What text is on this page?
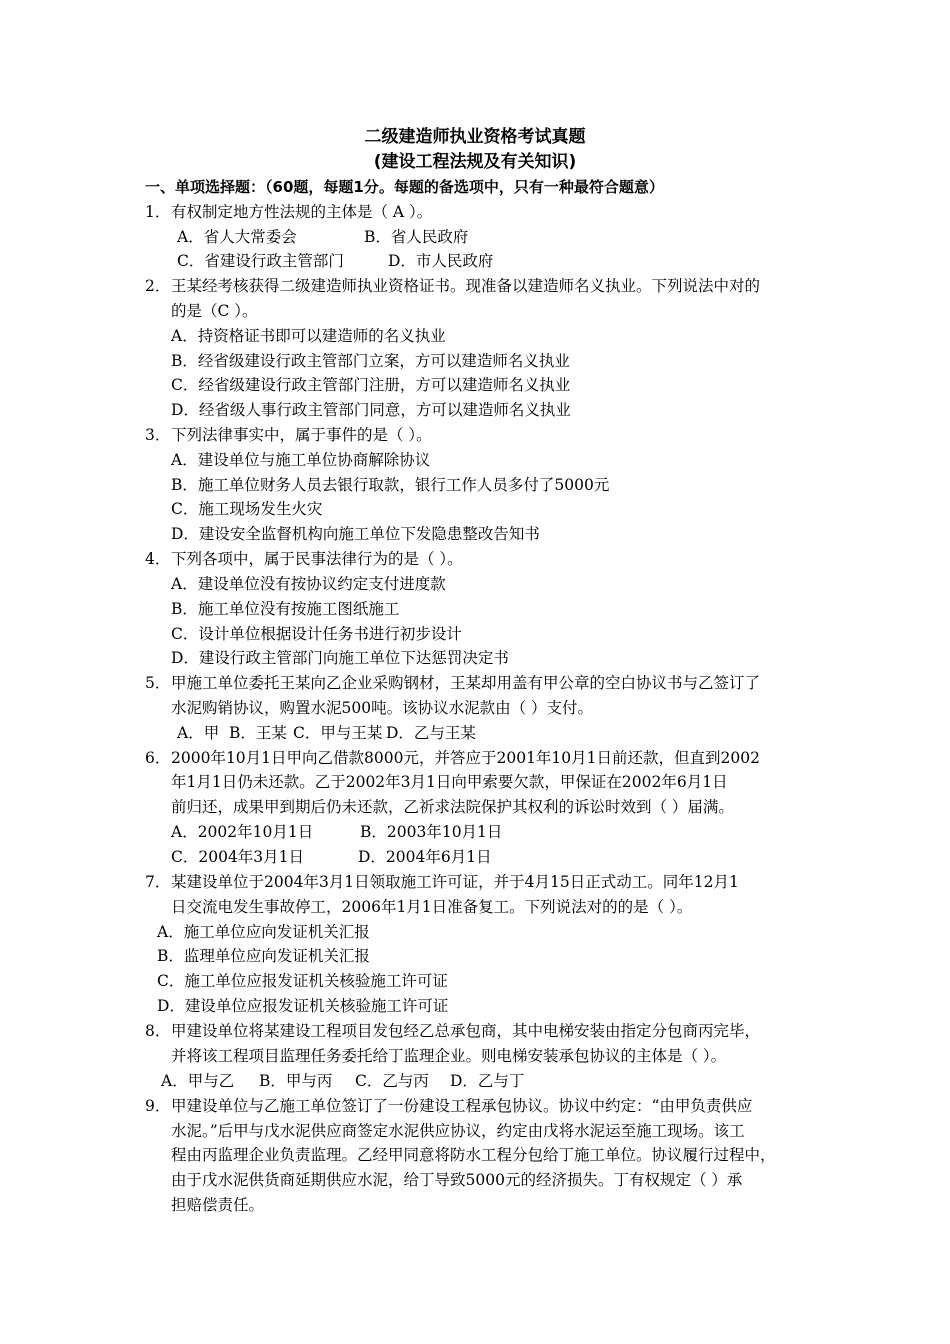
二级建造师执业资格考试真题
(建设工程法规及有关知识)
一、单项选择题：（60题，每题1分。每题的备选项中，只有一种最符合题意）
1．有权制定地方性法规的主体是（ A ）。
A．省人大常委会	B．省人民政府
C．省建设行政主管部门	D．市人民政府
2．王某经考核获得二级建造师执业资格证书。现准备以建造师名义执业。下列说法中对的
的是（C ）。
A．持资格证书即可以建造师的名义执业
B．经省级建设行政主管部门立案，方可以建造师名义执业
C．经省级建设行政主管部门注册，方可以建造师名义执业
D．经省级人事行政主管部门同意，方可以建造师名义执业
3．下列法律事实中，属于事件的是（ ）。
A．建设单位与施工单位协商解除协议
B．施工单位财务人员去银行取款，银行工作人员多付了5000元
C．施工现场发生火灾
D．建设安全监督机构向施工单位下发隐患整改告知书
4．下列各项中，属于民事法律行为的是（ ）。
A．建设单位没有按协议约定支付进度款
B．施工单位没有按施工图纸施工
C．设计单位根据设计任务书进行初步设计
D．建设行政主管部门向施工单位下达惩罚决定书
5．甲施工单位委托王某向乙企业采购钢材，王某却用盖有甲公章的空白协议书与乙签订了
水泥购销协议，购置水泥500吨。该协议水泥款由（ ）支付。
A．甲 B．王某 C．甲与王某 D．乙与王某
6．2000年10月1日甲向乙借款8000元，并答应于2001年10月1日前还款，但直到2002
年1月1日仍未还款。乙于2002年3月1日向甲索要欠款，甲保证在2002年6月1日
前归还，成果甲到期后仍未还款，乙祈求法院保护其权利的诉讼时效到（ ）届满。
A．2002年10月1日	B．2003年10月1日
C．2004年3月1日	D．2004年6月1日
7．某建设单位于2004年3月1日领取施工许可证，并于4月15日正式动工。同年12月1
日交流电发生事故停工，2006年1月1日准备复工。下列说法对的的是（ ）。
A．施工单位应向发证机关汇报
B．监理单位应向发证机关汇报
C．施工单位应报发证机关核验施工许可证
D．建设单位应报发证机关核验施工许可证
8．甲建设单位将某建设工程项目发包经乙总承包商，其中电梯安装由指定分包商丙完毕，
并将该工程项目监理任务委托给丁监理企业。则电梯安装承包协议的主体是（ ）。
A．甲与乙 B．甲与丙 C．乙与丙 D．乙与丁
9．甲建设单位与乙施工单位签订了一份建设工程承包协议。协议中约定：“由甲负责供应
水泥。”后甲与戊水泥供应商签定水泥供应协议，约定由戊将水泥运至施工现场。该工
程由丙监理企业负责监理。乙经甲同意将防水工程分包给丁施工单位。协议履行过程中，
由于戊水泥供货商延期供应水泥，给丁导致5000元的经济损失。丁有权规定（ ）承
担赔偿责任。
